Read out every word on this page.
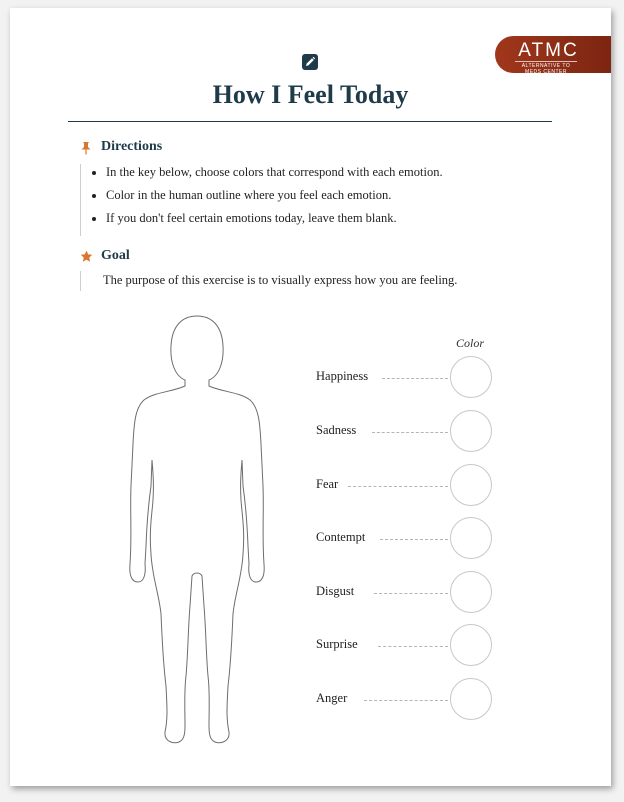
ATMC
ALTERNATIVE TO MEDS CENTER
How I Feel Today
Directions
• In the key below, choose colors that correspond with each emotion.
• Color in the human outline where you feel each emotion.
• If you don't feel certain emotions today, leave them blank.
Goal
The purpose of this exercise is to visually express how you are feeling.
Color
Happiness
Sadness
Fear
Contempt
Disgust
Surprise
Anger
